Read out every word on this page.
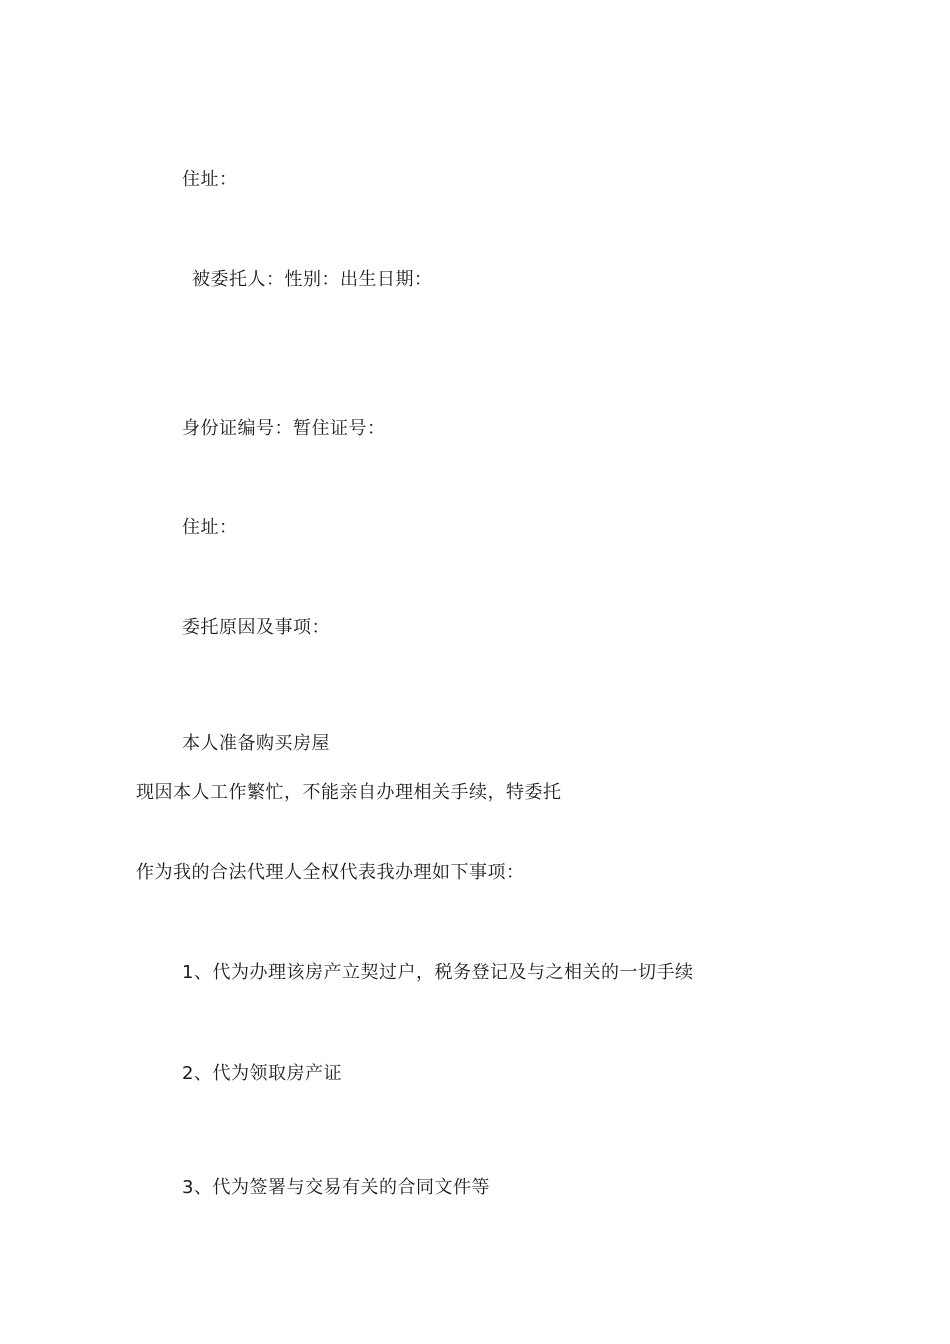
住址：
被委托人：性别：出生日期：
身份证编号：暂住证号：
住址：
委托原因及事项：
本人准备购买房屋
现因本人工作繁忙，不能亲自办理相关手续，特委托
作为我的合法代理人全权代表我办理如下事项：
1、代为办理该房产立契过户，税务登记及与之相关的一切手续
2、代为领取房产证
3、代为签署与交易有关的合同文件等
